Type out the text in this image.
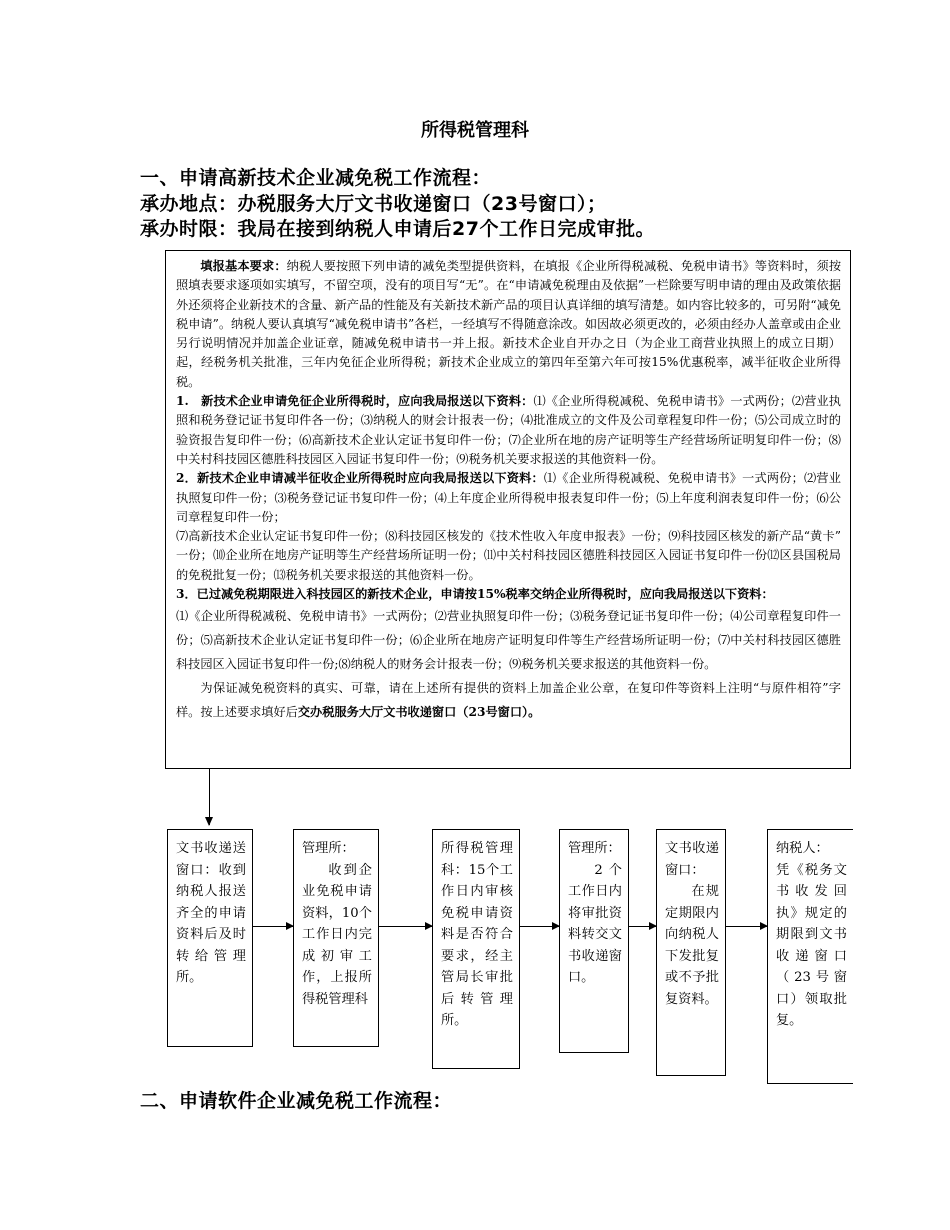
所得税管理科
一、申请高新技术企业减免税工作流程：
承办地点：办税服务大厅文书收递窗口（23号窗口）；
承办时限：我局在接到纳税人申请后27个工作日完成审批。

填报基本要求：纳税人要按照下列申请的减免类型提供资料，在填报《企业所得税减税、免税申请书》等资料时，须按照填表要求逐项如实填写，不留空项，没有的项目写“无”。在“申请减免税理由及依据”一栏除要写明申请的理由及政策依据外还须将企业新技术的含量、新产品的性能及有关新技术新产品的项目认真详细的填写清楚。如内容比较多的，可另附“减免税申请”。纳税人要认真填写“减免税申请书”各栏，一经填写不得随意涂改。如因故必须更改的，必须由经办人盖章或由企业另行说明情况并加盖企业证章，随减免税申请书一并上报。新技术企业自开办之日（为企业工商营业执照上的成立日期）起，经税务机关批准，三年内免征企业所得税；新技术企业成立的第四年至第六年可按15%优惠税率，减半征收企业所得税。

1.　新技术企业申请免征企业所得税时，应向我局报送以下资料：⑴《企业所得税减税、免税申请书》一式两份；⑵营业执照和税务登记证书复印件各一份；⑶纳税人的财会计报表一份；⑷批准成立的文件及公司章程复印件一份；⑸公司成立时的验资报告复印件一份；⑹高新技术企业认定证书复印件一份；⑺企业所在地的房产证明等生产经营场所证明复印件一份；⑻中关村科技园区德胜科技园区入园证书复印件一份；⑼税务机关要求报送的其他资料一份。

2．新技术企业申请减半征收企业所得税时应向我局报送以下资料：⑴《企业所得税减税、免税申请书》一式两份；⑵营业执照复印件一份；⑶税务登记证书复印件一份；⑷上年度企业所得税申报表复印件一份；⑸上年度利润表复印件一份；⑹公司章程复印件一份；

⑺高新技术企业认定证书复印件一份；⑻科技园区核发的《技术性收入年度申报表》一份；⑼科技园区核发的新产品“黄卡” 一份；⑽企业所在地房产证明等生产经营场所证明一份；⑾中关村科技园区德胜科技园区入园证书复印件一份⑿区县国税局的免税批复一份；⒀税务机关要求报送的其他资料一份。

3．已过减免税期限进入科技园区的新技术企业，申请按15%税率交纳企业所得税时，应向我局报送以下资料：

⑴《企业所得税减税、免税申请书》一式两份；⑵营业执照复印件一份；⑶税务登记证书复印件一份；⑷公司章程复印件一份；⑸高新技术企业认定证书复印件一份；⑹企业所在地房产证明复印件等生产经营场所证明一份；⑺中关村科技园区德胜科技园区入园证书复印件一份;⑻纳税人的财务会计报表一份；⑼税务机关要求报送的其他资料一份。

为保证减免税资料的真实、可靠，请在上述所有提供的资料上加盖企业公章，在复印件等资料上注明“与原件相符”字样。按上述要求填好后交办税服务大厅文书收递窗口（23号窗口）。

文书收递送窗口：收到纳税人报送齐全的申请资料后及时转给管理所。
管理所：
收到企业免税申请资料，10个工作日内完成初审工作，上报所得税管理科
所得税管理科：15个工作日内审核免税申请资料是否符合要求，经主管局长审批后转管理所。
管理所：
2个工作日内将审批资料转交文书收递窗口。
文书收递窗口：
在规定期限内向纳税人下发批复或不予批复资料。
纳税人：
凭《税务文书收发回执》规定的期限到文书收递窗口（23号窗口）领取批复。
二、申请软件企业减免税工作流程：
